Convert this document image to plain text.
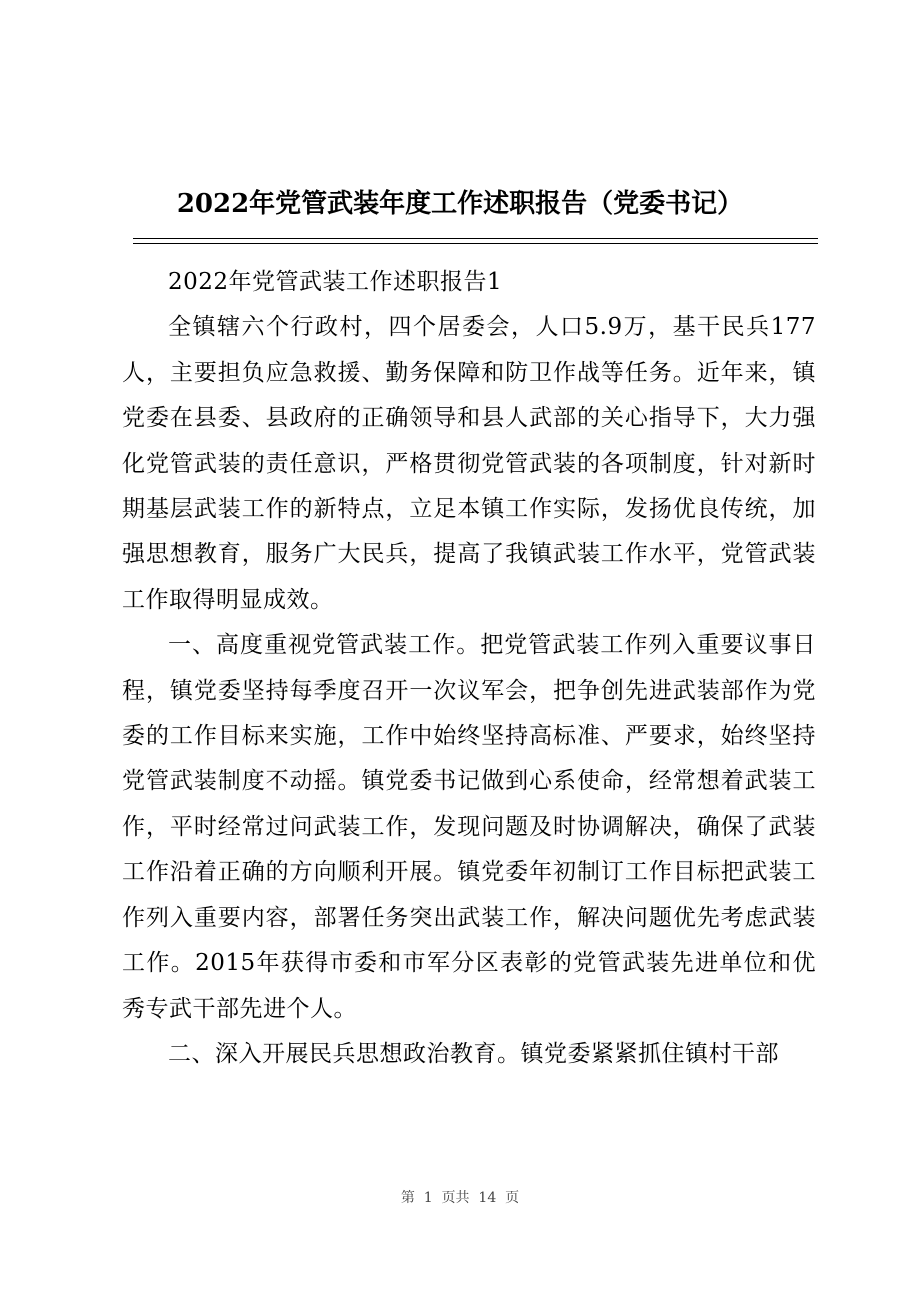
2022年党管武装年度工作述职报告（党委书记）

2022年党管武装工作述职报告1

全镇辖六个行政村，四个居委会，人口5.9万，基干民兵177人，主要担负应急救援、勤务保障和防卫作战等任务。近年来，镇党委在县委、县政府的正确领导和县人武部的关心指导下，大力强化党管武装的责任意识，严格贯彻党管武装的各项制度，针对新时期基层武装工作的新特点，立足本镇工作实际，发扬优良传统，加强思想教育，服务广大民兵，提高了我镇武装工作水平，党管武装工作取得明显成效。

一、高度重视党管武装工作。把党管武装工作列入重要议事日程，镇党委坚持每季度召开一次议军会，把争创先进武装部作为党委的工作目标来实施，工作中始终坚持高标准、严要求，始终坚持党管武装制度不动摇。镇党委书记做到心系使命，经常想着武装工作，平时经常过问武装工作，发现问题及时协调解决，确保了武装工作沿着正确的方向顺利开展。镇党委年初制订工作目标把武装工作列入重要内容，部署任务突出武装工作，解决问题优先考虑武装工作。2015年获得市委和市军分区表彰的党管武装先进单位和优秀专武干部先进个人。

二、深入开展民兵思想政治教育。镇党委紧紧抓住镇村干部

第  1  页共  14  页
